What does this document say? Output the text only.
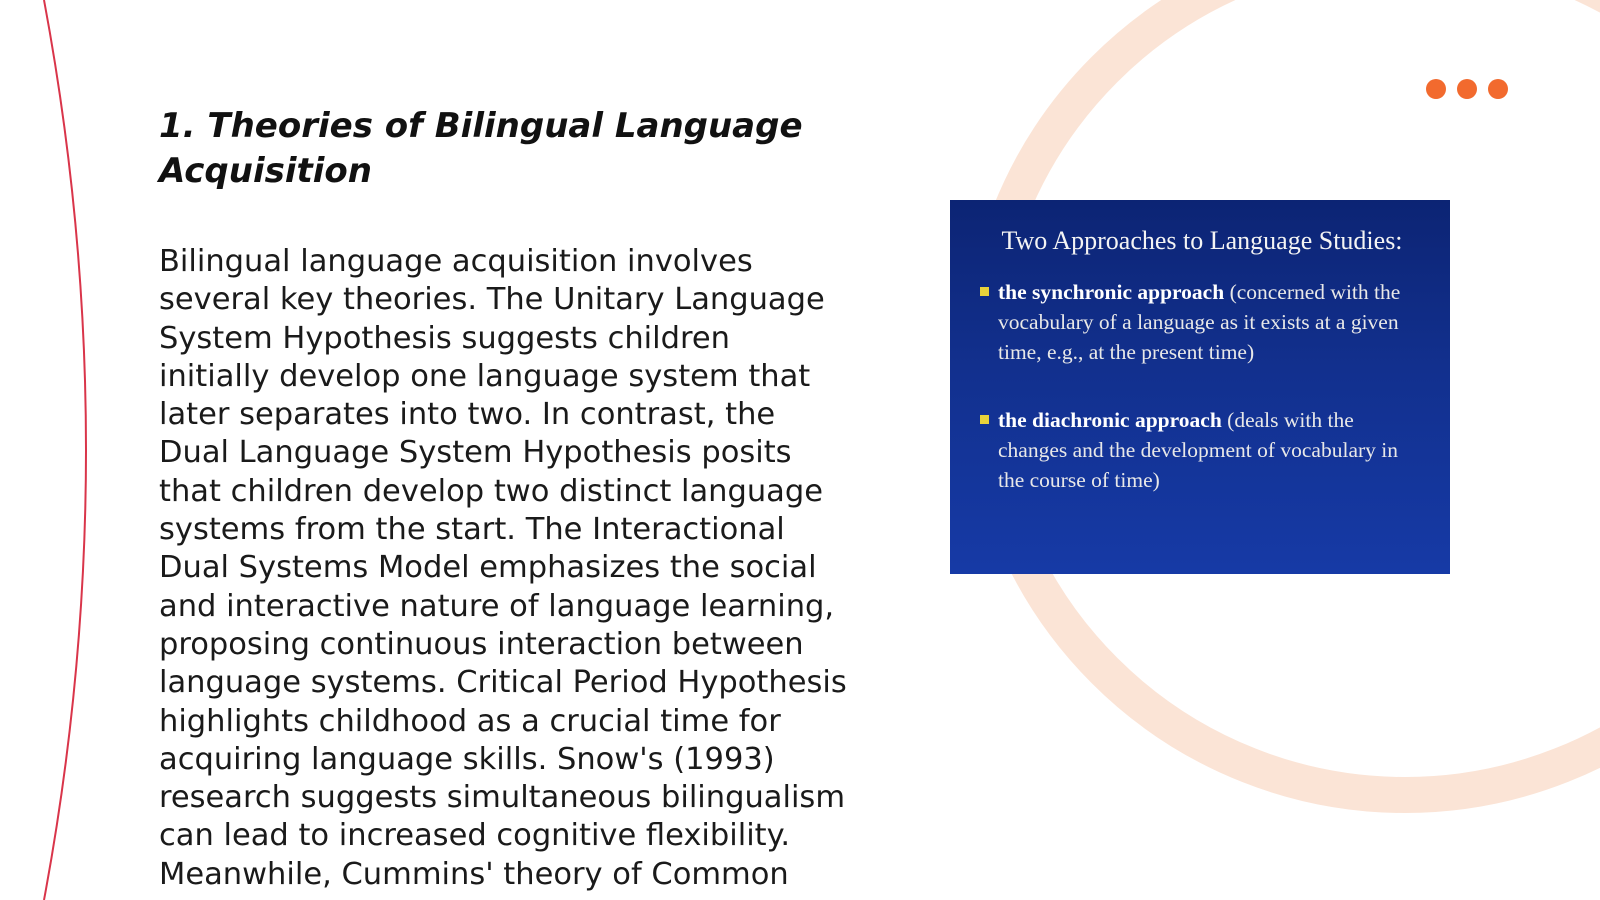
1. Theories of Bilingual Language Acquisition

Bilingual language acquisition involves several key theories. The Unitary Language System Hypothesis suggests children initially develop one language system that later separates into two. In contrast, the Dual Language System Hypothesis posits that children develop two distinct language systems from the start. The Interactional Dual Systems Model emphasizes the social and interactive nature of language learning, proposing continuous interaction between language systems. Critical Period Hypothesis highlights childhood as a crucial time for acquiring language skills. Snow's (1993) research suggests simultaneous bilingualism can lead to increased cognitive flexibility. Meanwhile, Cummins' theory of Common

Two Approaches to Language Studies:
the synchronic approach (concerned with the vocabulary of a language as it exists at a given time, e.g., at the present time)
the diachronic approach (deals with the changes and the development of vocabulary in the course of time)
